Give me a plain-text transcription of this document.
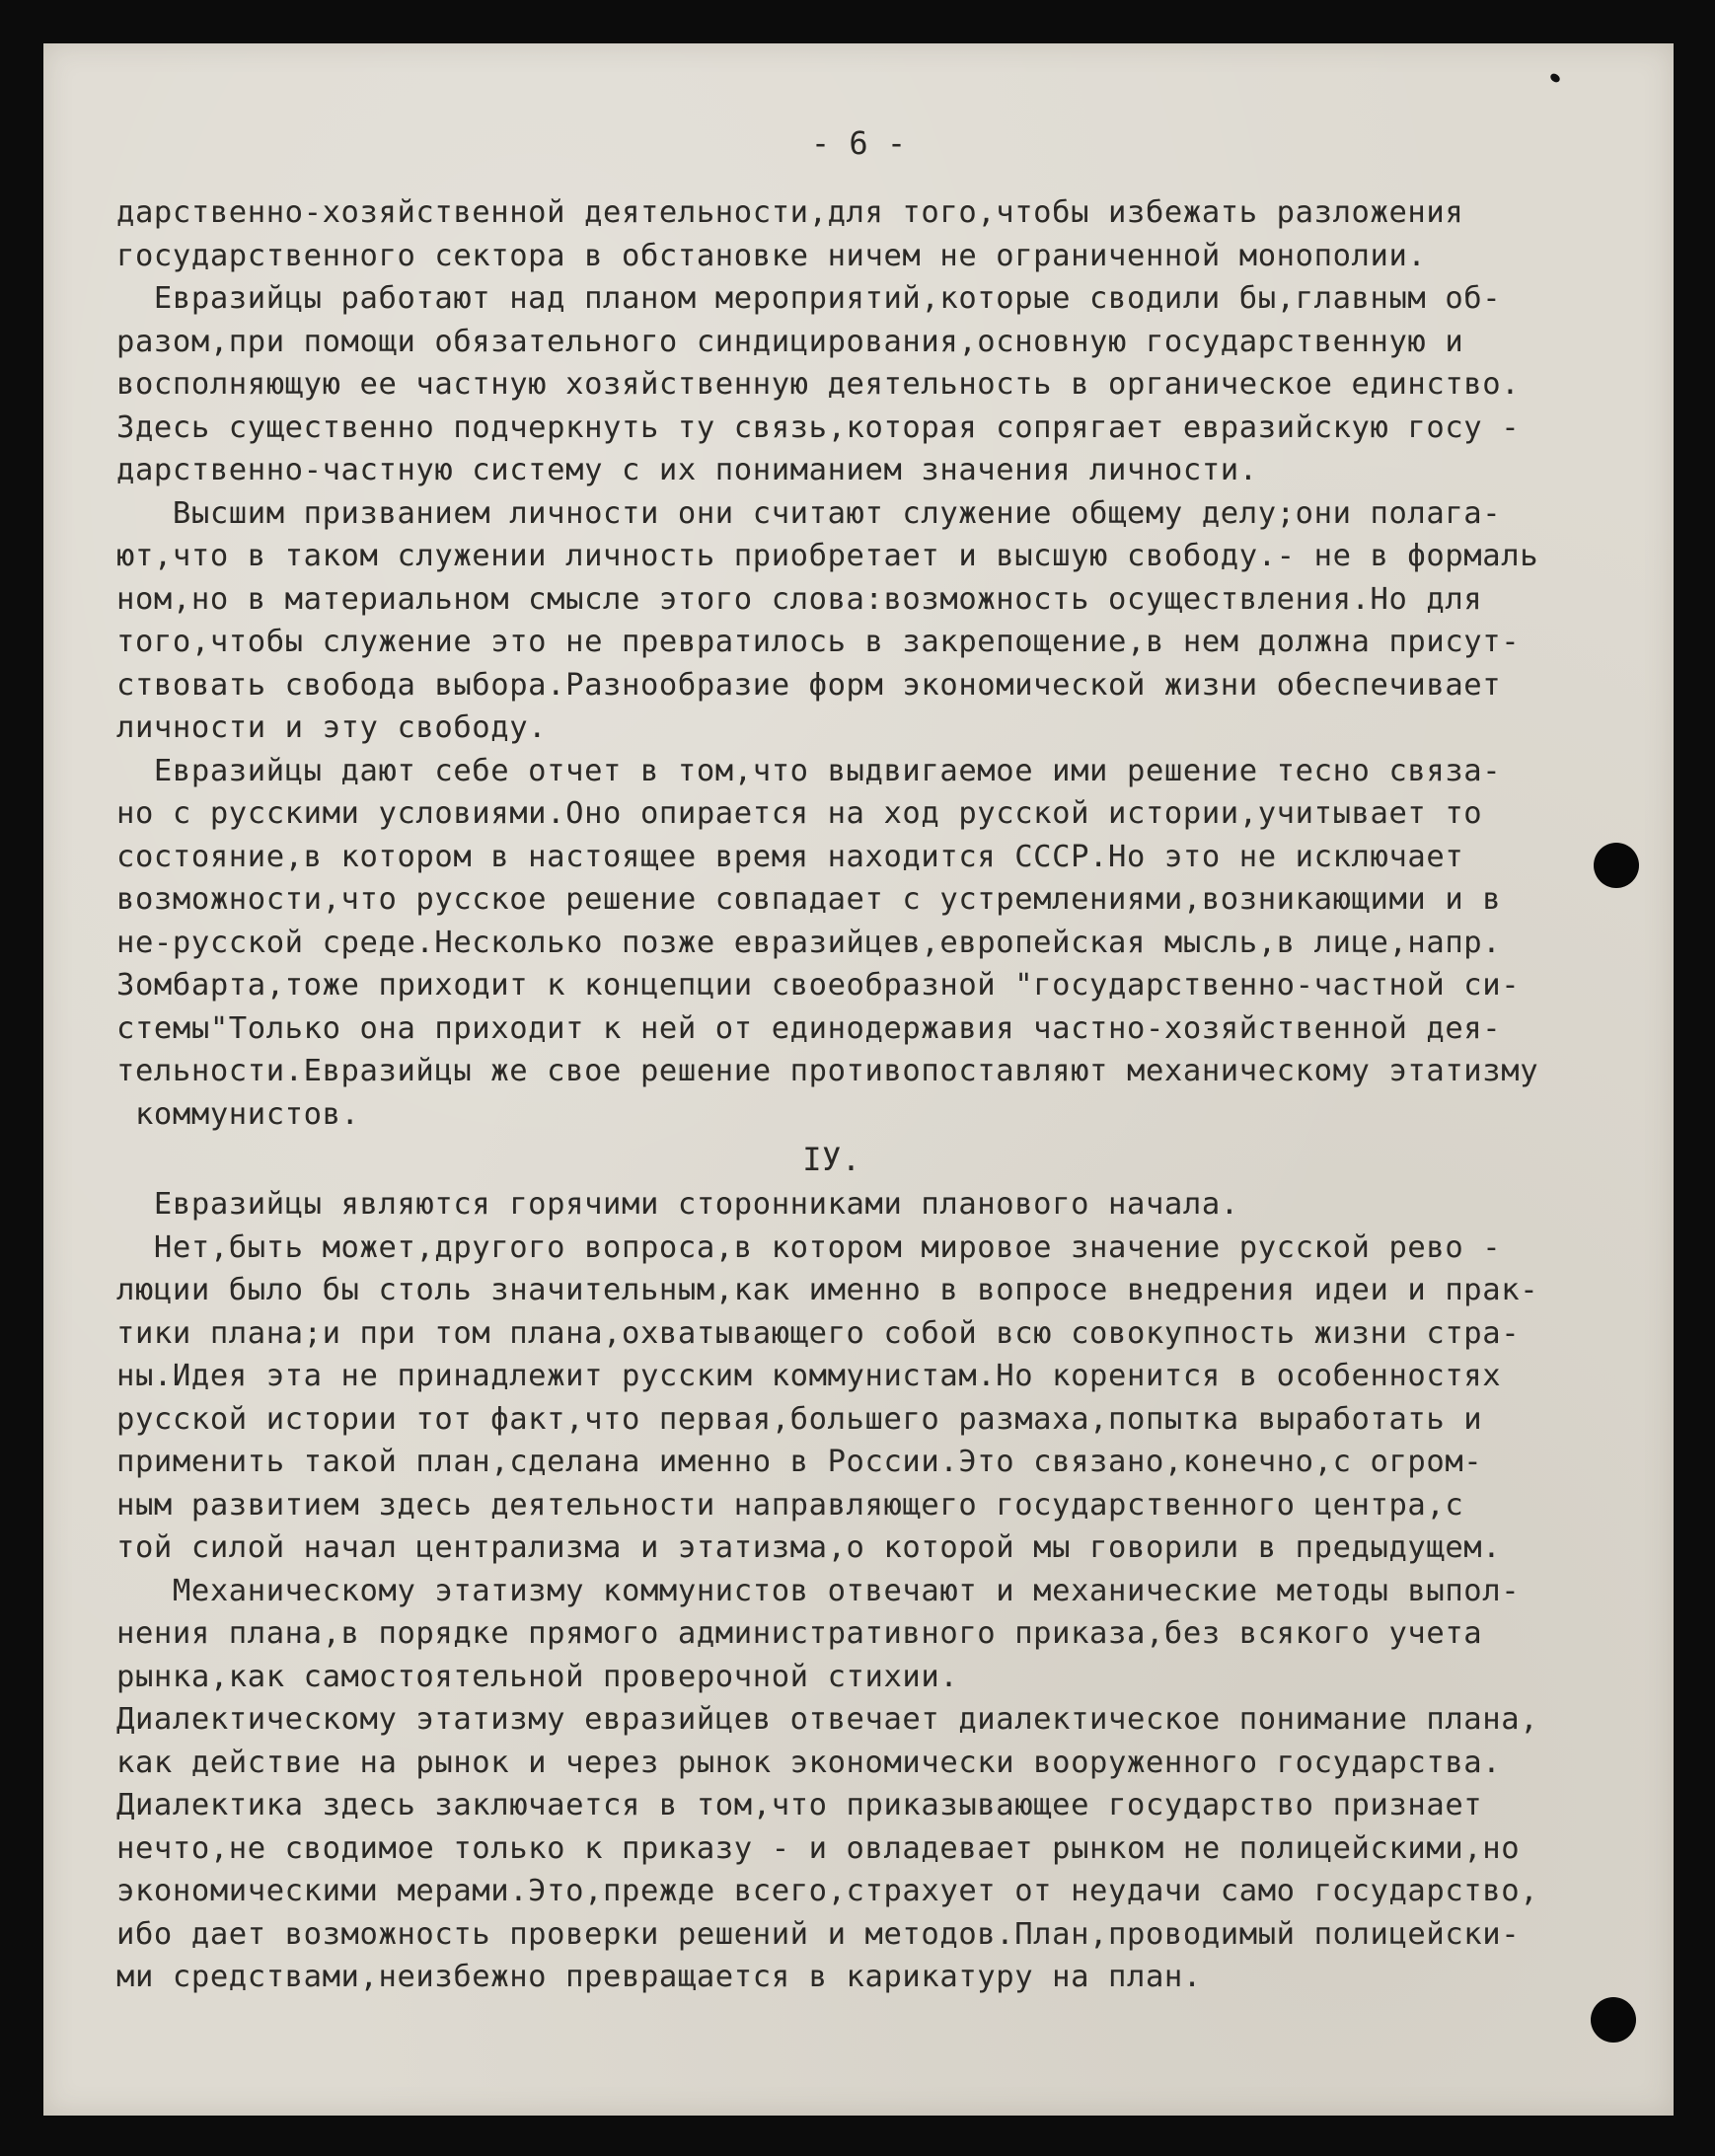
- 6 -
дарственно-хозяйственной деятельности,для того,чтобы избежать разложения
государственного сектора в обстановке ничем не ограниченной монополии.
Евразийцы работают над планом мероприятий,которые сводили бы,главным об-
разом,при помощи обязательного синдицирования,основную государственную и
восполняющую ее частную хозяйственную деятельность в органическое единство.
Здесь существенно подчеркнуть ту связь,которая сопрягает евразийскую госу -
дарственно-частную систему с их пониманием значения личности.
Высшим призванием личности они считают служение общему делу;они полага-
ют,что в таком служении личность приобретает и высшую свободу.- не в формаль
ном,но в материальном смысле этого слова:возможность осуществления.Но для
того,чтобы служение это не превратилось в закрепощение,в нем должна присут-
ствовать свобода выбора.Разнообразие форм экономической жизни обеспечивает
личности и эту свободу.
Евразийцы дают себе отчет в том,что выдвигаемое ими решение тесно связа-
но с русскими условиями.Оно опирается на ход русской истории,учитывает то
состояние,в котором в настоящее время находится СССР.Но это не исключает
возможности,что русское решение совпадает с устремлениями,возникающими и в
не-русской среде.Несколько позже евразийцев,европейская мысль,в лице,напр.
Зомбарта,тоже приходит к концепции своеобразной "государственно-частной си-
стемы"Только она приходит к ней от единодержавия частно-хозяйственной дея-
тельности.Евразийцы же свое решение противопоставляют механическому этатизму
коммунистов.
IУ.
Евразийцы являются горячими сторонниками планового начала.
Нет,быть может,другого вопроса,в котором мировое значение русской рево -
люции было бы столь значительным,как именно в вопросе внедрения идеи и прак-
тики плана;и при том плана,охватывающего собой всю совокупность жизни стра-
ны.Идея эта не принадлежит русским коммунистам.Но коренится в особенностях
русской истории тот факт,что первая,большего размаха,попытка выработать и
применить такой план,сделана именно в России.Это связано,конечно,с огром-
ным развитием здесь деятельности направляющего государственного центра,с
той силой начал централизма и этатизма,о которой мы говорили в предыдущем.
Механическому этатизму коммунистов отвечают и механические методы выпол-
нения плана,в порядке прямого административного приказа,без всякого учета
рынка,как самостоятельной проверочной стихии.
Диалектическому этатизму евразийцев отвечает диалектическое понимание плана,
как действие на рынок и через рынок экономически вооруженного государства.
Диалектика здесь заключается в том,что приказывающее государство признает
нечто,не сводимое только к приказу - и овладевает рынком не полицейскими,но
экономическими мерами.Это,прежде всего,страхует от неудачи само государство,
ибо дает возможность проверки решений и методов.План,проводимый полицейски-
ми средствами,неизбежно превращается в карикатуру на план.
